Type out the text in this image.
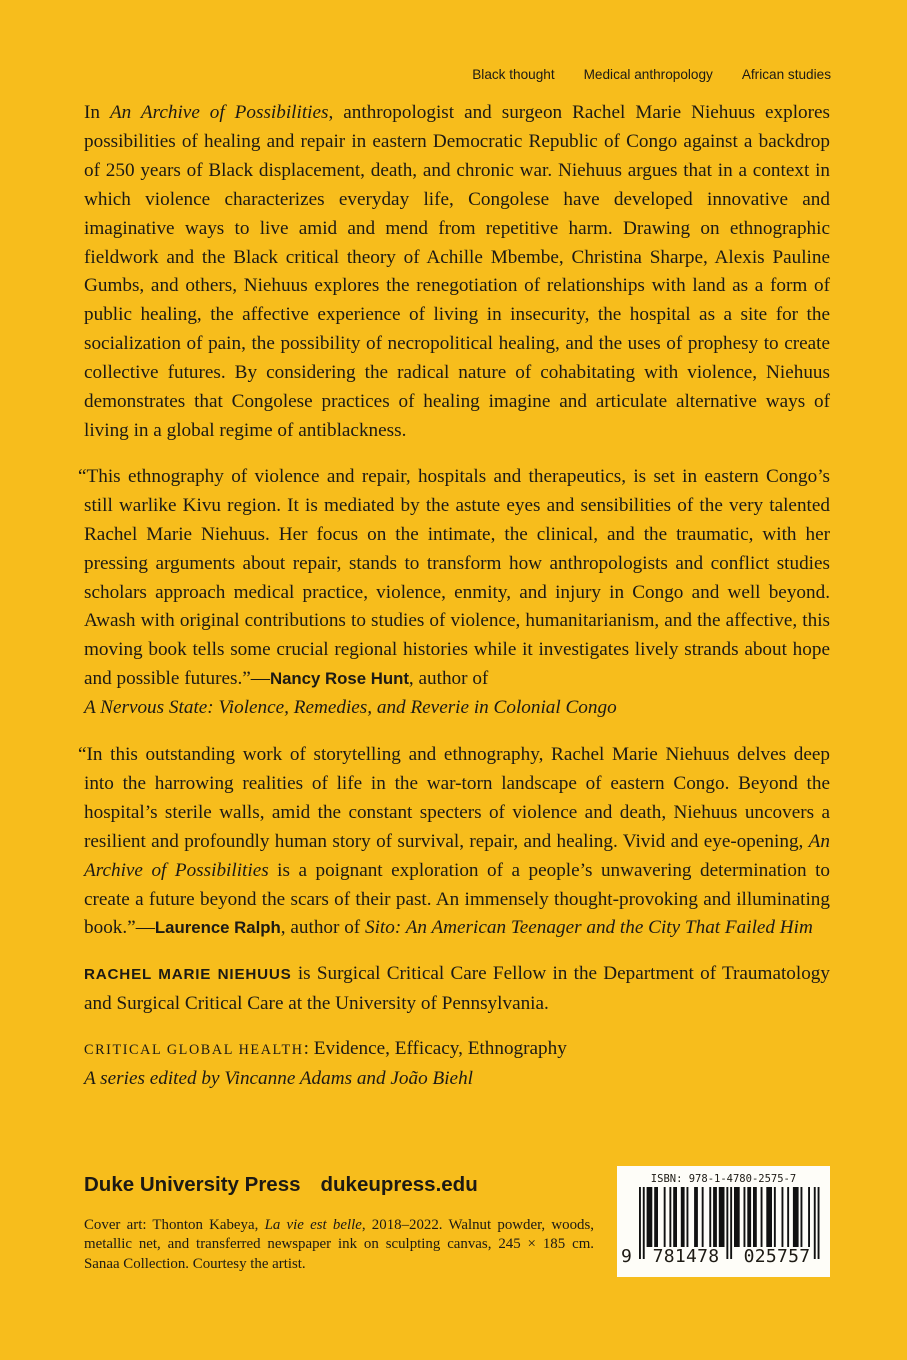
Black thought Medical anthropology African studies

In An Archive of Possibilities, anthropologist and surgeon Rachel Marie Niehuus explores possibilities of healing and repair in eastern Democratic Republic of Congo against a backdrop of 250 years of Black displacement, death, and chronic war. Niehuus argues that in a context in which violence characterizes everyday life, Congolese have developed innovative and imaginative ways to live amid and mend from repetitive harm. Drawing on ethnographic fieldwork and the Black critical theory of Achille Mbembe, Christina Sharpe, Alexis Pauline Gumbs, and others, Niehuus explores the renegotiation of relationships with land as a form of public healing, the affective experience of living in insecurity, the hospital as a site for the socialization of pain, the possibility of necropolitical healing, and the uses of prophesy to create collective futures. By considering the radical nature of cohabitating with violence, Niehuus demonstrates that Congolese practices of healing imagine and articulate alternative ways of living in a global regime of antiblackness.

“This ethnography of violence and repair, hospitals and therapeutics, is set in eastern Congo’s still warlike Kivu region. It is mediated by the astute eyes and sensibilities of the very talented Rachel Marie Niehuus. Her focus on the intimate, the clinical, and the traumatic, with her pressing arguments about repair, stands to transform how anthropologists and conflict studies scholars approach medical practice, violence, enmity, and injury in Congo and well beyond. Awash with original contributions to studies of violence, humanitarianism, and the affective, this moving book tells some crucial regional histories while it investigates lively strands about hope and possible futures.”—Nancy Rose Hunt, author of
A Nervous State: Violence, Remedies, and Reverie in Colonial Congo

“In this outstanding work of storytelling and ethnography, Rachel Marie Niehuus delves deep into the harrowing realities of life in the war-torn landscape of eastern Congo. Beyond the hospital’s sterile walls, amid the constant specters of violence and death, Niehuus uncovers a resilient and profoundly human story of survival, repair, and healing. Vivid and eye-opening, An Archive of Possibilities is a poignant exploration of a people’s unwavering determination to create a future beyond the scars of their past. An immensely thought-provoking and illuminating book.”—Laurence Ralph, author of Sito: An American Teenager and the City That Failed Him

RACHEL MARIE NIEHUUS is Surgical Critical Care Fellow in the Department of Traumatology and Surgical Critical Care at the University of Pennsylvania.

CRITICAL GLOBAL HEALTH: Evidence, Efficacy, Ethnography
A series edited by Vincanne Adams and João Biehl

Duke University Press dukeupress.edu
Cover art: Thonton Kabeya, La vie est belle, 2018–2022. Walnut powder, woods, metallic net, and transferred newspaper ink on sculpting canvas, 245 × 185 cm. Sanaa Collection. Courtesy the artist.
ISBN: 978-1-4780-2575-7
9	781478	025757
